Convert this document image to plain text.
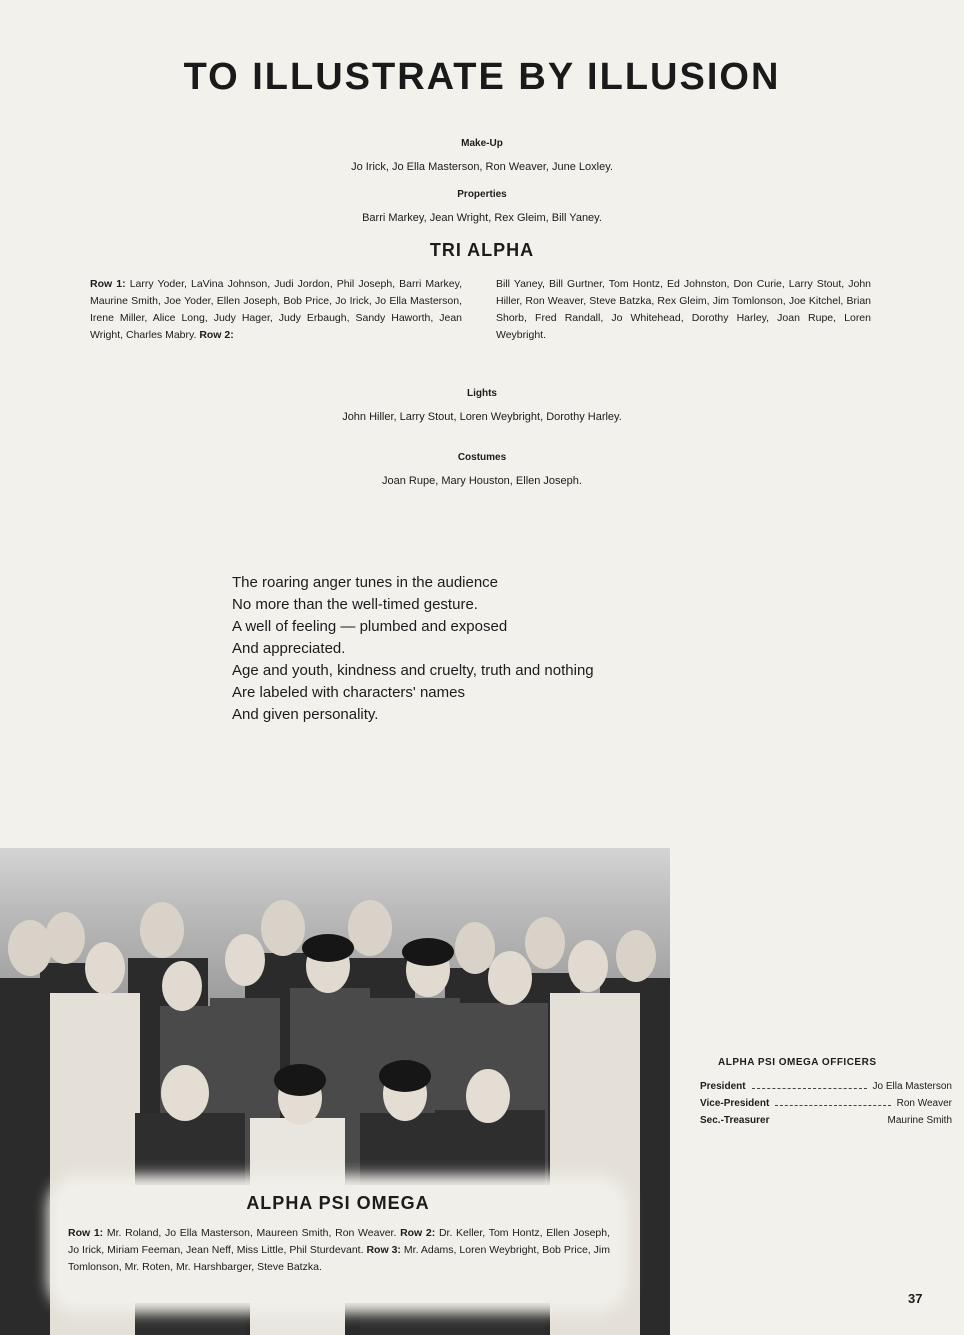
TO ILLUSTRATE BY ILLUSION
Make-Up
Jo Irick, Jo Ella Masterson, Ron Weaver, June Loxley.
Properties
Barri Markey, Jean Wright, Rex Gleim, Bill Yaney.
TRI ALPHA
Row 1: Larry Yoder, LaVina Johnson, Judi Jordon, Phil Joseph, Barri Markey, Maurine Smith, Joe Yoder, Ellen Joseph, Bob Price, Jo Irick, Jo Ella Masterson, Irene Miller, Alice Long, Judy Hager, Judy Erbaugh, Sandy Haworth, Jean Wright, Charles Mabry. Row 2:
Bill Yaney, Bill Gurtner, Tom Hontz, Ed Johnston, Don Curie, Larry Stout, John Hiller, Ron Weaver, Steve Batzka, Rex Gleim, Jim Tomlonson, Joe Kitchel, Brian Shorb, Fred Randall, Jo Whitehead, Dorothy Harley, Joan Rupe, Loren Weybright.
Lights
John Hiller, Larry Stout, Loren Weybright, Dorothy Harley.
Costumes
Joan Rupe, Mary Houston, Ellen Joseph.
The roaring anger tunes in the audience
No more than the well-timed gesture.
A well of feeling — plumbed and exposed
And appreciated.
Age and youth, kindness and cruelty, truth and nothing
Are labeled with characters' names
And given personality.
ALPHA PSI OMEGA
Row 1: Mr. Roland, Jo Ella Masterson, Maureen Smith, Ron Weaver. Row 2: Dr. Keller, Tom Hontz, Ellen Joseph, Jo Irick, Miriam Feeman, Jean Neff, Miss Little, Phil Sturdevant. Row 3: Mr. Adams, Loren Weybright, Bob Price, Jim Tomlonson, Mr. Roten, Mr. Harshbarger, Steve Batzka.
ALPHA PSI OMEGA OFFICERS
President	Jo Ella Masterson
Vice-President	Ron Weaver
Sec.-Treasurer	Maurine Smith
37
